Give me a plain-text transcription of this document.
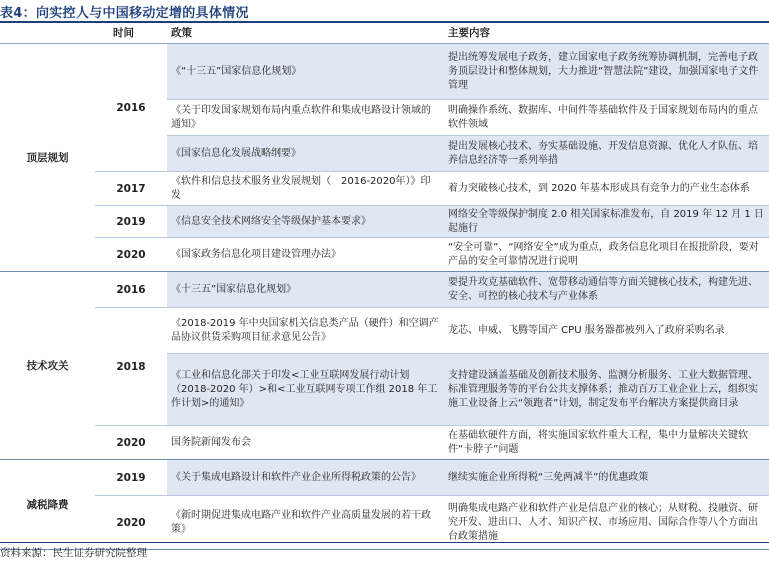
表4：向实控人与中国移动定增的具体情况
	时间	政策	主要内容
顶层规划	2016	《“十三五”国家信息化规划》	提出统筹发展电子政务，建立国家电子政务统筹协调机制，完善电子政务顶层设计和整体规划，大力推进“智慧法院”建设，加强国家电子文件管理
		《关于印发国家规划布局内重点软件和集成电路设计领域的通知》	明确操作系统、数据库、中间件等基础软件及于国家规划布局内的重点软件领域
		《国家信息化发展战略纲要》	提出发展核心技术、夯实基础设施、开发信息资源、优化人才队伍、培养信息经济等一系列举措
	2017	《软件和信息技术服务业发展规划（　2016-2020年）》印发	着力突破核心技术，到 2020 年基本形成具有竞争力的产业生态体系
	2019	《信息安全技术网络安全等级保护基本要求》	网络安全等级保护制度 2.0 相关国家标准发布，自 2019 年 12 月 1 日起施行
	2020	《国家政务信息化项目建设管理办法》	“安全可靠”、“网络安全”成为重点，政务信息化项目在报批阶段，要对产品的安全可靠情况进行说明
技术攻关	2016	《十三五”国家信息化规划》	要提升攻克基础软件、宽带移动通信等方面关键核心技术，构建先进、安全、可控的核心技术与产业体系
	2018	《2018-2019 年中央国家机关信息类产品（硬件）和空调产品协议供货采购项目征求意见公告》	龙芯、申威、飞腾等国产 CPU 服务器都被列入了政府采购名录
		《工业和信息化部关于印发<工业互联网发展行动计划（2018-2020 年）>和<工业互联网专项工作组 2018 年工作计划>的通知》	支持建设涵盖基础及创新技术服务、监测分析服务、工业大数据管理、标准管理服务等的平台公共支撑体系；推动百万工业企业上云，组织实施工业设备上云“领跑者”计划，制定发布平台解决方案提供商目录
	2020	国务院新闻发布会	在基础软硬件方面，将实施国家软件重大工程，集中力量解决关键软件“卡脖子”问题
减税降费	2019	《关于集成电路设计和软件产业企业所得税政策的公告》	继续实施企业所得税“三免两减半”的优惠政策
	2020	《新时期促进集成电路产业和软件产业高质量发展的若干政策》	明确集成电路产业和软件产业是信息产业的核心；从财税、投融资、研究开发、进出口、人才、知识产权、市场应用、国际合作等八个方面出台政策措施
资料来源：民生证券研究院整理
